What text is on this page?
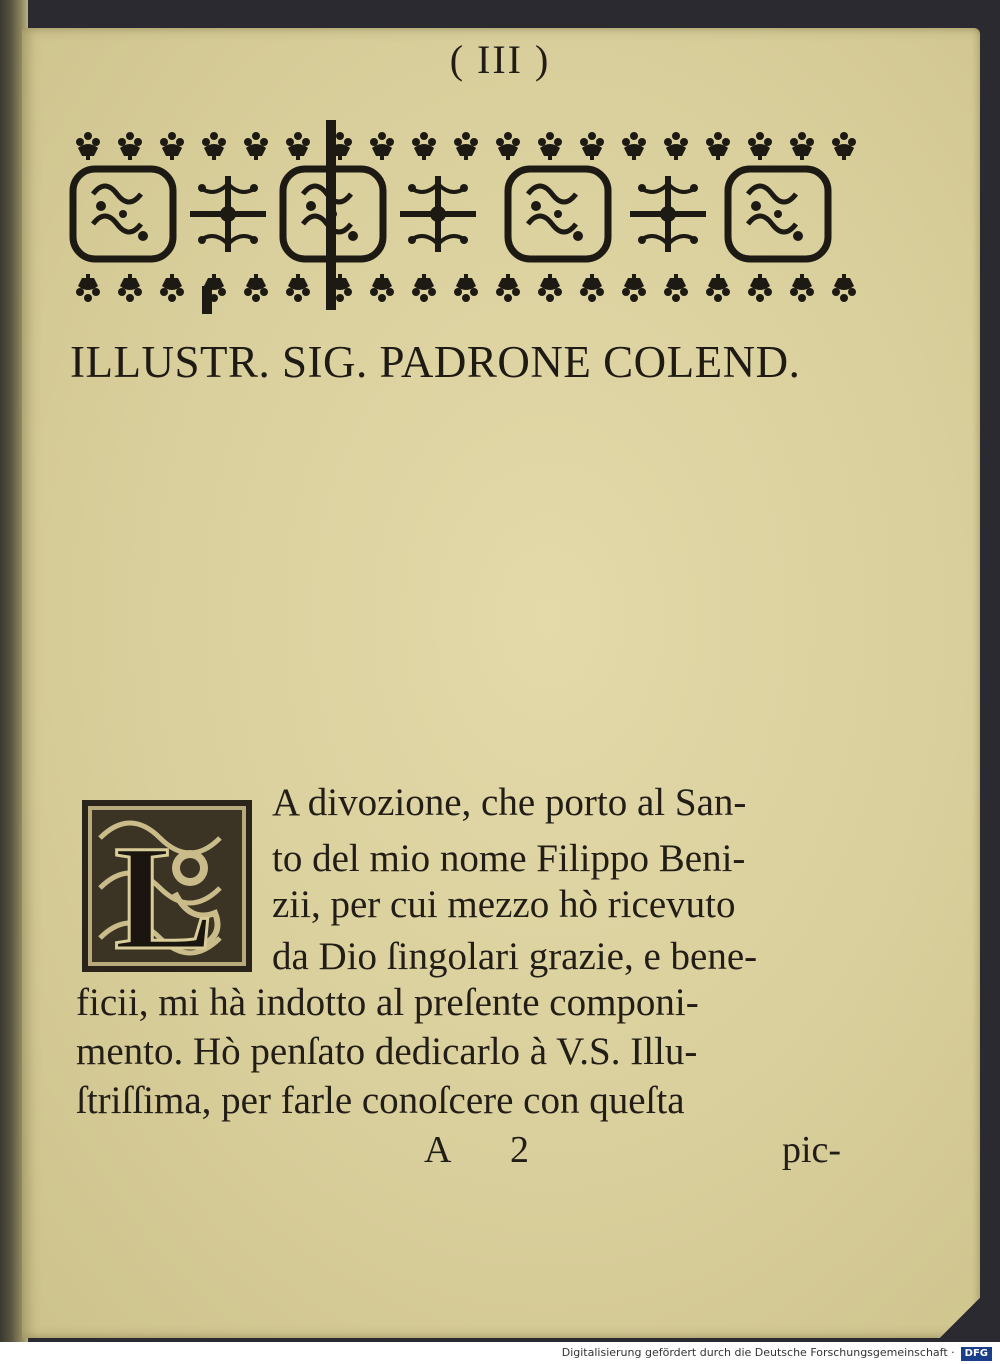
( III )
ILLUSTR. SIG. PADRONE COLEND.
L
A divozione, che porto al San-
to del mio nome Filippo Beni-
zii, per cui mezzo hò ricevuto
da Dio ſingolari grazie, e bene-
ficii, mi hà indotto al preſente componi-
mento. Hò penſato dedicarlo à V.S. Illu-
ſtriſſima, per farle conoſcere con queſta
A 2	pic-
Digitalisierung gefördert durch die Deutsche Forschungsgemeinschaft · DFG
